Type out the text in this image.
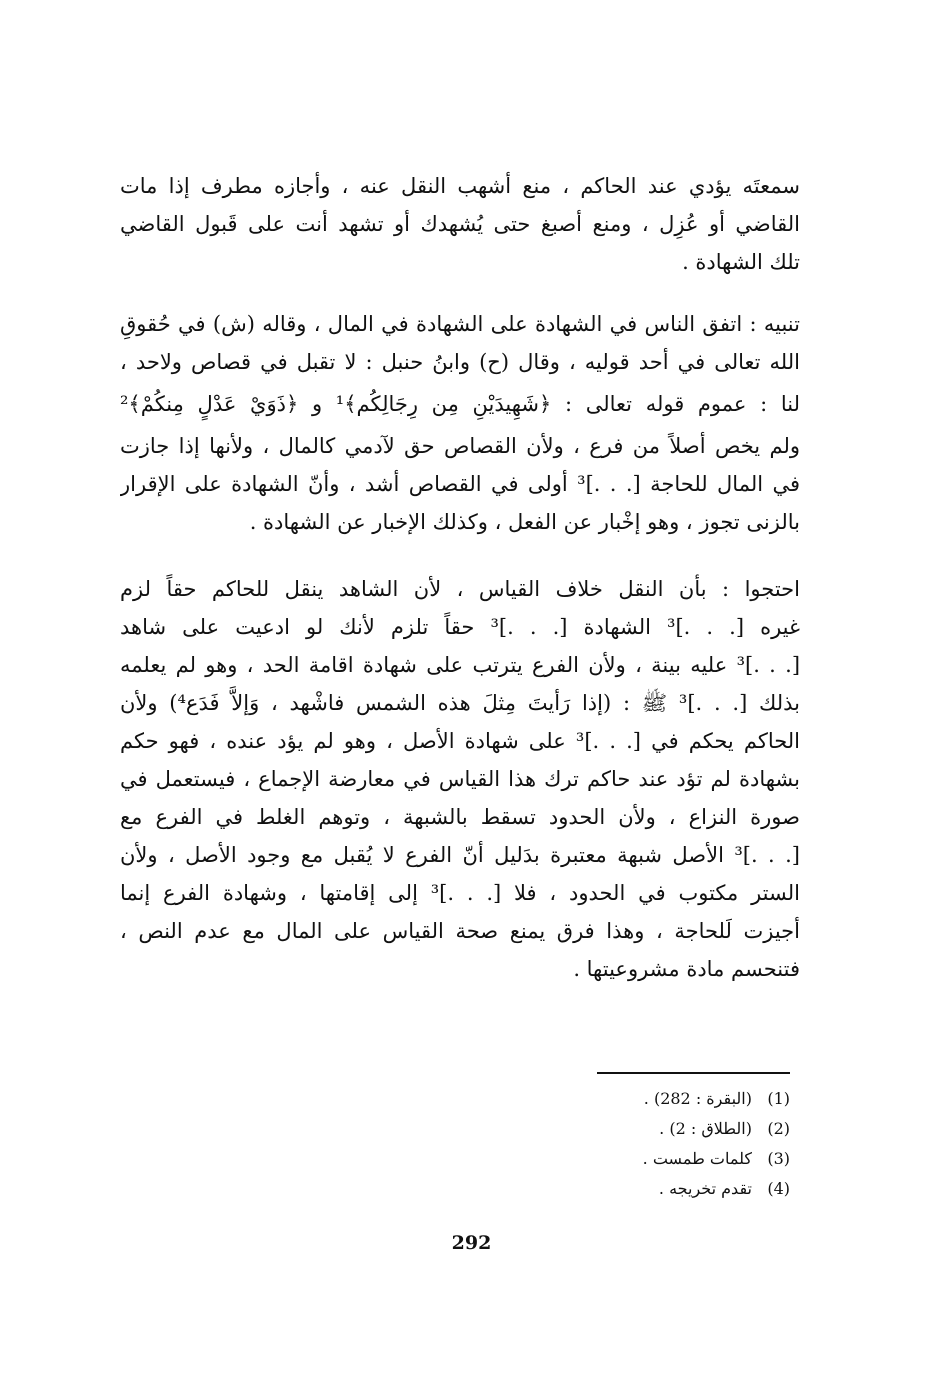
سمعتَه يؤدي عند الحاكم ، منع أشهب النقل عنه ، وأجازه مطرف إذا مات
القاضي أو عُزِل ، ومنع أصبغ حتى يُشهدك أو تشهد أنت على قَبول القاضي
تلك الشهادة .
تنبيه : اتفق الناس في الشهادة على الشهادة في المال ، وقاله (ش) في حُقوقِ
الله تعالى في أحد قوليه ، وقال (ح) وابنُ حنبل : لا تقبل في قصاص ولاحد ،
لنا : عموم قوله تعالى : ﴿شَهِيدَيْنِ مِن رِجَالِكُم﴾¹ و ﴿ذَوَيْ عَدْلٍ مِنكُمْ﴾²
ولم يخص أصلاً من فرع ، ولأن القصاص حق لآدمي كالمال ، ولأنها إذا جازت
في المال للحاجة [. . .]³ أولى في القصاص أشد ، وأنّ الشهادة على الإقرار
بالزنى تجوز ، وهو إخْبار عن الفعل ، وكذلك الإخبار عن الشهادة .
احتجوا : بأن النقل خلاف القياس ، لأن الشاهد ينقل للحاكم حقاً لزم
غيره [. . .]³ الشهادة [. . .]³ حقاً تلزم لأنك لو ادعيت على شاهد
[. . .]³ عليه بينة ، ولأن الفرع يترتب على شهادة اقامة الحد ، وهو لم يعلمه
بذلك [. . .]³ ﷺ : (إذا رَأيتَ مِثلَ هذه الشمس فاشْهد ، وَإلاَّ فَدَع⁴) ولأن
الحاكم يحكم في [. . .]³ على شهادة الأصل ، وهو لم يؤد عنده ، فهو حكم
بشهادة لم تؤد عند حاكم ترك هذا القياس في معارضة الإجماع ، فيستعمل في
صورة النزاع ، ولأن الحدود تسقط بالشبهة ، وتوهم الغلط في الفرع مع
[. . .]³ الأصل شبهة معتبرة بدَليل أنّ الفرع لا يُقبل مع وجود الأصل ، ولأن
الستر مكتوب في الحدود ، فلا [. . .]³ إلى إقامتها ، وشهادة الفرع إنما
أجيزت لَلحاجة ، وهذا فرق يمنع صحة القياس على المال مع عدم النص ،
فتنحسم مادة مشروعيتها .
(1)
(البقرة : 282) .
(2)
(الطلاق : 2) .
(3)
كلمات طمست .
(4)
تقدم تخريجه .
292
